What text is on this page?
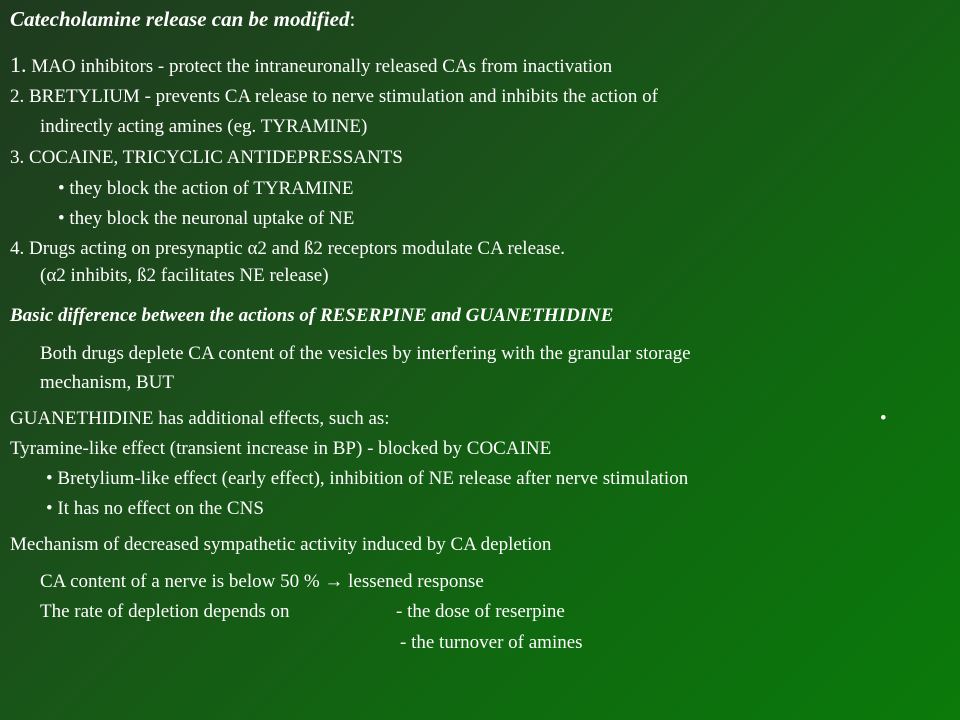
Catecholamine release can be modified:
1. MAO inhibitors - protect the intraneuronally released CAs from inactivation
2. BRETYLIUM - prevents CA release to nerve stimulation and inhibits the action of
indirectly acting amines (eg. TYRAMINE)
3. COCAINE, TRICYCLIC ANTIDEPRESSANTS
• they block the action of TYRAMINE
• they block the neuronal uptake of NE
4. Drugs acting on presynaptic α2 and ß2 receptors modulate CA release.
(α2 inhibits, ß2 facilitates NE release)
Basic difference between the actions of RESERPINE and GUANETHIDINE
Both drugs deplete CA content of the vesicles by interfering with the granular storage
mechanism, BUT
GUANETHIDINE has additional effects, such as:	•
Tyramine-like effect (transient increase in BP) - blocked by COCAINE
• Bretylium-like effect (early effect), inhibition of NE release after nerve stimulation
• It has no effect on the CNS
Mechanism of decreased sympathetic activity induced by CA depletion
CA content of a nerve is below 50 % → lessened response
The rate of depletion depends on	- the dose of reserpine
- the turnover of amines
